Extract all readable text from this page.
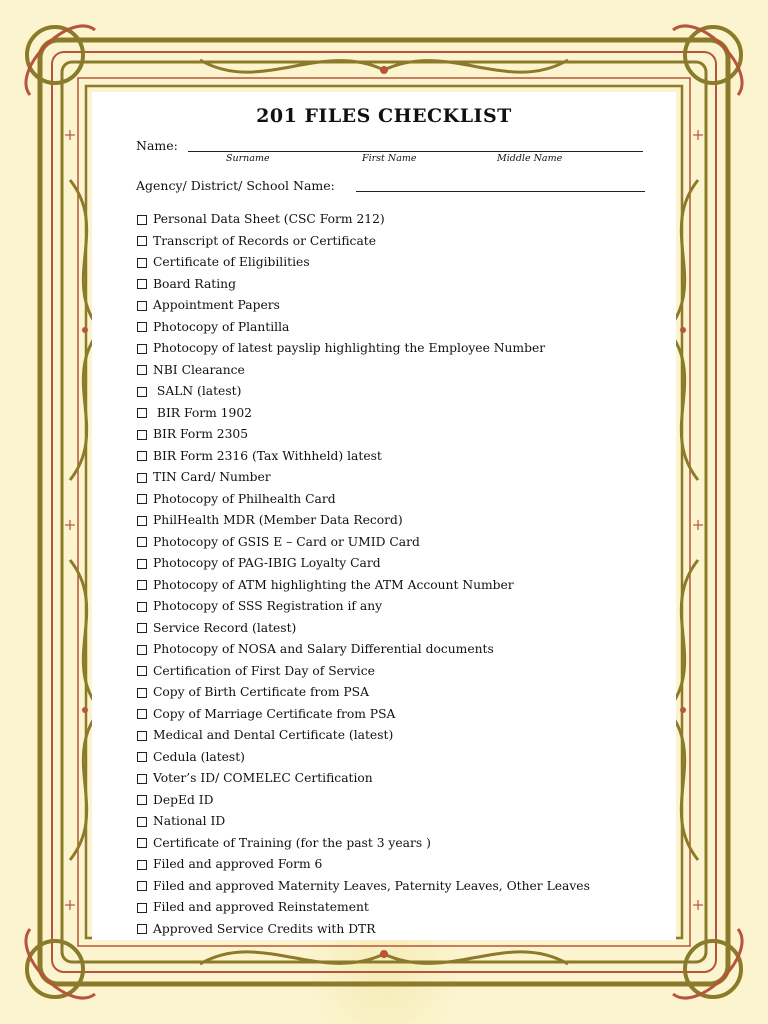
201 FILES CHECKLIST
Name:
Surname	First Name	Middle Name
Agency/ District/ School Name:
Personal Data Sheet (CSC Form 212)
Transcript of Records or Certificate
Certificate of Eligibilities
Board Rating
Appointment Papers
Photocopy of Plantilla
Photocopy of latest payslip highlighting the Employee Number
NBI Clearance
SALN (latest)
BIR Form 1902
BIR Form 2305
BIR Form 2316 (Tax Withheld) latest
TIN Card/ Number
Photocopy of Philhealth Card
PhilHealth MDR (Member Data Record)
Photocopy of GSIS E – Card or UMID Card
Photocopy of PAG-IBIG Loyalty Card
Photocopy of ATM highlighting the ATM Account Number
Photocopy of SSS Registration if any
Service Record (latest)
Photocopy of NOSA and Salary Differential documents
Certification of First Day of Service
Copy of Birth Certificate from PSA
Copy of Marriage Certificate from PSA
Medical and Dental Certificate (latest)
Cedula (latest)
Voter’s ID/ COMELEC Certification
DepEd ID
National ID
Certificate of Training (for the past 3 years )
Filed and approved Form 6
Filed and approved Maternity Leaves, Paternity Leaves, Other Leaves
Filed and approved Reinstatement
Approved Service Credits with DTR
